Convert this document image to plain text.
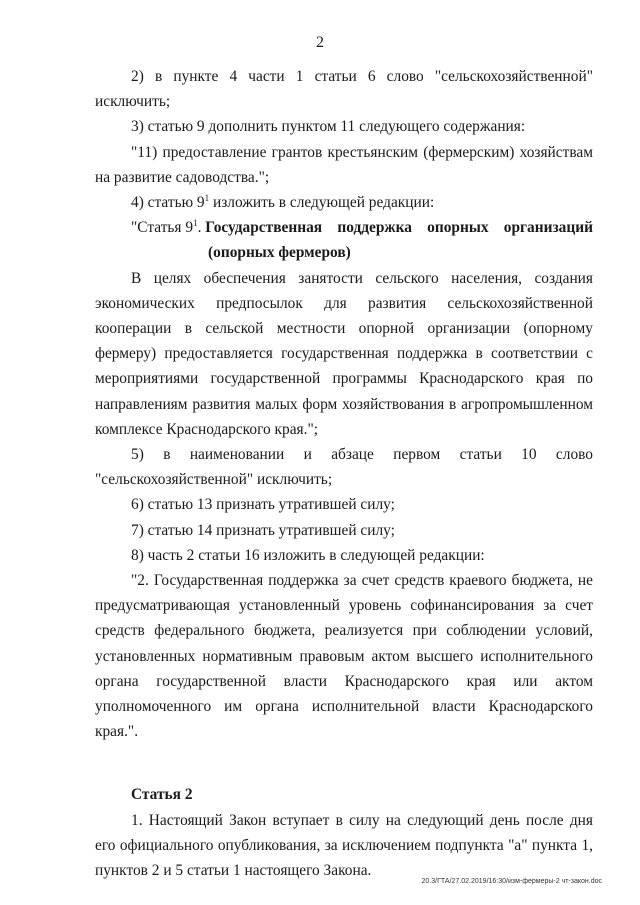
2

2) в пункте 4 части 1 статьи 6 слово "сельскохозяйственной" исключить;

3) статью 9 дополнить пунктом 11 следующего содержания:

"11) предоставление грантов крестьянским (фермерским) хозяйствам на развитие садоводства.";

4) статью $9^1$ изложить в следующей редакции:

"Статья $9^1$. Государственная поддержка опорных организаций

(опорных фермеров)

В целях обеспечения занятости сельского населения, создания экономических предпосылок для развития сельскохозяйственной кооперации в сельской местности опорной организации (опорному фермеру) предоставляется государственная поддержка в соответствии с мероприятиями государственной программы Краснодарского края по направлениям развития малых форм хозяйствования в агропромышленном комплексе Краснодарского края.";

5) в наименовании и абзаце первом статьи 10 слово "сельскохозяйственной" исключить;

6) статью 13 признать утратившей силу;

7) статью 14 признать утратившей силу;

8) часть 2 статьи 16 изложить в следующей редакции:

"2. Государственная поддержка за счет средств краевого бюджета, не предусматривающая установленный уровень софинансирования за счет средств федерального бюджета, реализуется при соблюдении условий, установленных нормативным правовым актом высшего исполнительного органа государственной власти Краснодарского края или актом уполномоченного им органа исполнительной власти Краснодарского края.".

Статья 2

1. Настоящий Закон вступает в силу на следующий день после дня его официального опубликования, за исключением подпункта "а" пункта 1, пунктов 2 и 5 статьи 1 настоящего Закона.

20.3/ГТА/27.02.2019/16:30/изм-фермеры-2 чт-закон.doc
